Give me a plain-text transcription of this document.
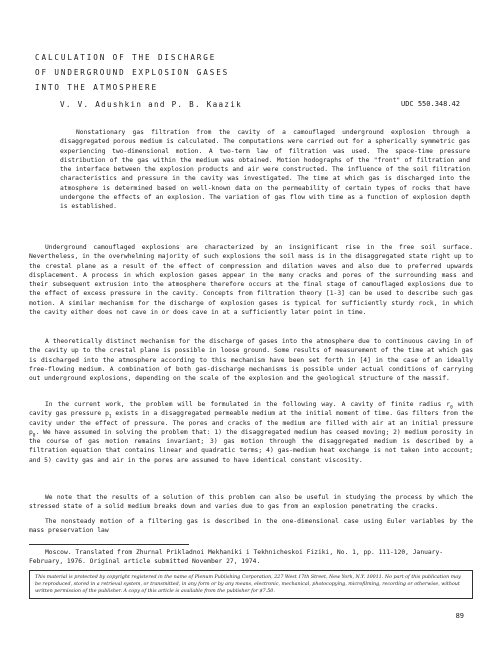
CALCULATION OF THE DISCHARGE
OF UNDERGROUND EXPLOSION GASES
INTO THE ATMOSPHERE
V. V. Adushkin and P. B. Kaazik	UDC 550.348.42

Nonstationary gas filtration from the cavity of a camouflaged underground explosion through a disaggregated porous medium is calculated. The computations were carried out for a spherically symmetric gas experiencing two-dimensional motion. A two-term law of filtration was used. The space-time pressure distribution of the gas within the medium was obtained. Motion hodographs of the "front" of filtration and the interface between the explosion products and air were constructed. The influence of the soil filtration characteristics and pressure in the cavity was investigated. The time at which gas is discharged into the atmosphere is determined based on well-known data on the permeability of certain types of rocks that have undergone the effects of an explosion. The variation of gas flow with time as a function of explosion depth is established.

Underground camouflaged explosions are characterized by an insignificant rise in the free soil surface. Nevertheless, in the overwhelming majority of such explosions the soil mass is in the disaggregated state right up to the crestal plane as a result of the effect of compression and dilation waves and also due to preferred upwards displacement. A process in which explosion gases appear in the many cracks and pores of the surrounding mass and their subsequent extrusion into the atmosphere therefore occurs at the final stage of camouflaged explosions due to the effect of excess pressure in the cavity. Concepts from filtration theory [1-3] can be used to describe such gas motion. A similar mechanism for the discharge of explosion gases is typical for sufficiently sturdy rock, in which the cavity either does not cave in or does cave in at a sufficiently later point in time.

A theoretically distinct mechanism for the discharge of gases into the atmosphere due to continuous caving in of the cavity up to the crestal plane is possible in loose ground. Some results of measurement of the time at which gas is discharged into the atmosphere according to this mechanism have been set forth in [4] in the case of an ideally free-flowing medium. A combination of both gas-discharge mechanisms is possible under actual conditions of carrying out underground explosions, depending on the scale of the explosion and the geological structure of the massif.

In the current work, the problem will be formulated in the following way. A cavity of finite radius $r_0$ with cavity gas pressure $p_1$ exists in a disaggregated permeable medium at the initial moment of time. Gas filters from the cavity under the effect of pressure. The pores and cracks of the medium are filled with air at an initial pressure $p_0$. We have assumed in solving the problem that: 1) the disaggregated medium has ceased moving; 2) medium porosity in the course of gas motion remains invariant; 3) gas motion through the disaggregated medium is described by a filtration equation that contains linear and quadratic terms; 4) gas-medium heat exchange is not taken into account; and 5) cavity gas and air in the pores are assumed to have identical constant viscosity.

We note that the results of a solution of this problem can also be useful in studying the process by which the stressed state of a solid medium breaks down and varies due to gas from an explosion penetrating the cracks.

The nonsteady motion of a filtering gas is described in the one-dimensional case using Euler variables by the mass preservation law

Moscow. Translated from Zhurnal Prikladnoi Mekhaniki i Tekhnicheskoi Fiziki, No. 1, pp. 111-120, January-February, 1976. Original article submitted November 27, 1974.

This material is protected by copyright registered in the name of Plenum Publishing Corporation, 227 West 17th Street, New York, N.Y. 10011. No part of this publication may be reproduced, stored in a retrieval system, or transmitted, in any form or by any means, electronic, mechanical, photocopying, microfilming, recording or otherwise, without written permission of the publisher. A copy of this article is available from the publisher for $7.50.
89
